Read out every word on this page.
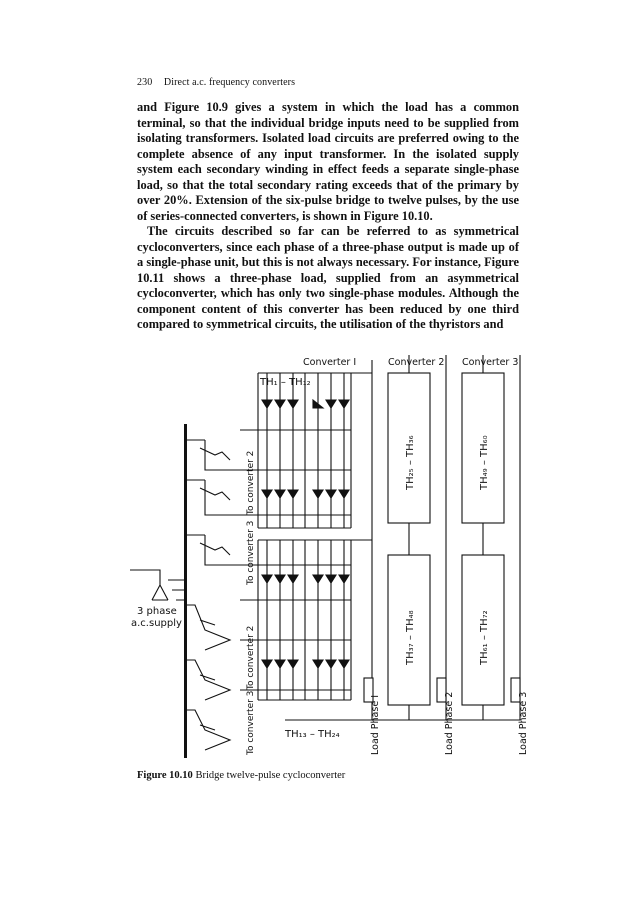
230 Direct a.c. frequency converters

and Figure 10.9 gives a system in which the load has a common terminal, so that the individual bridge inputs need to be supplied from isolating transformers. Isolated load circuits are preferred owing to the complete absence of any input transformer. In the isolated supply system each secondary winding in effect feeds a separate single-phase load, so that the total secondary rating exceeds that of the primary by over 20%. Extension of the six-pulse bridge to twelve pulses, by the use of series-connected converters, is shown in Figure 10.10.

The circuits described so far can be referred to as symmetrical cycloconverters, since each phase of a three-phase output is made up of a single-phase unit, but this is not always necessary. For instance, Figure 10.11 shows a three-phase load, supplied from an asymmetrical cycloconverter, which has only two single-phase modules. Although the component content of this converter has been reduced by one third compared to symmetrical circuits, the utilisation of the thyristors and

Converter I	Converter 2 Converter 3
TH₁ – TH₁₂
TH₁₃ – TH₂₄
TH₂₅ – TH₃₆	TH₄₉ – TH₆₀
TH₃₇ – TH₄₈	TH₆₁ – TH₇₂
To converter 2
To converter 3
To converter 2
To converter 3	Load Phase I	Load Phase 2	Load Phase 3
3 phase
a.c.supply
Figure 10.10 Bridge twelve-pulse cycloconverter
